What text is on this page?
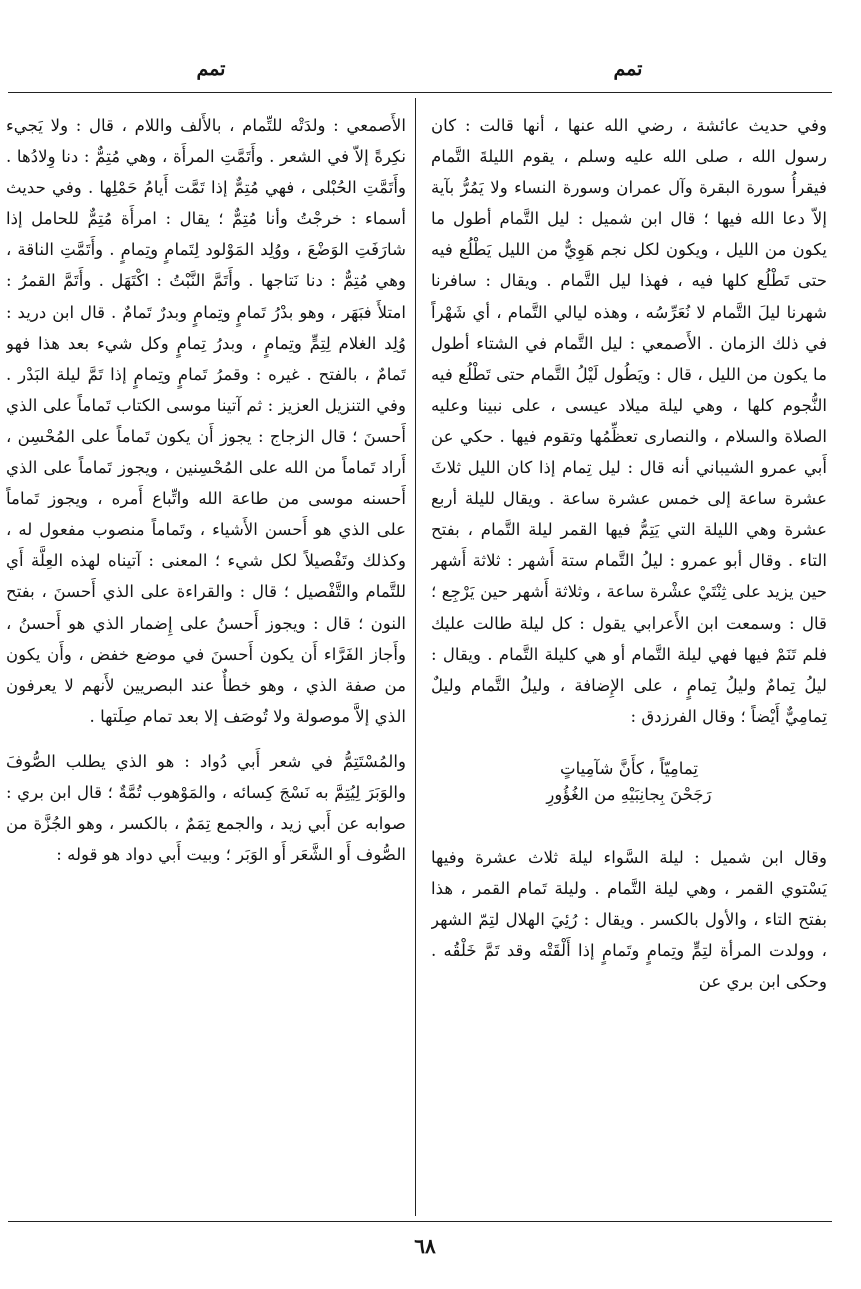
تمم
تمم

وفي حديث عائشة ، رضي الله عنها ، أنها قالت : كان رسول الله ، صلى الله عليه وسلم ، يقوم الليلةَ التَّمام فيقرأُ سورة البقرة وآل عمران وسورة النساء ولا يَمُرُّ بآية إلاّ دعا الله فيها ؛ قال ابن شميل : ليل التَّمام أطول ما يكون من الليل ، ويكون لكل نجم هَوِيٌّ من الليل يَطْلُع فيه حتى تَطْلُع كلها فيه ، فهذا ليل التَّمام . ويقال : سافرنا شهرنا ليلَ التَّمام لا نُعَرِّسُه ، وهذه ليالي التَّمام ، أي شَهْراً في ذلك الزمان . الأَصمعي : ليل التَّمام في الشتاء أطول ما يكون من الليل ، قال : ويَطُول لَيْلُ التَّمام حتى تَطْلُع فيه النُّجوم كلها ، وهي ليلة ميلاد عيسى ، على نبينا وعليه الصلاة والسلام ، والنصارى تعظِّمُها وتقوم فيها . حكي عن أَبي عمرو الشيباني أنه قال : ليل تِمام إذا كان الليل ثلاثَ عشرة ساعة إلى خمس عشرة ساعة . ويقال لليلة أربع عشرة وهي الليلة التي يَتِمُّ فيها القمر ليلة التَّمام ، بفتح التاء . وقال أبو عمرو : ليلُ التَّمام ستة أَشهر : ثلاثة أَشهر حين يزيد على ثِنْتَيْ عشْرة ساعة ، وثلاثة أَشهر حين يَرْجِع ؛ قال : وسمعت ابن الأَعرابي يقول : كل ليلة طالت عليك فلم تَنَمْ فيها فهي ليلة التَّمام أو هي كليلة التَّمام . ويقال : ليلُ تِمامٌ وليلُ تِمامٍ ، على الإِضافة ، وليلُ التَّمام وليلٌ تِمامِيٌّ أَيْضاً ؛ وقال الفرزدق :

تِمامِيّاً ، كأَنَّ شآمِياتٍ
رَجَحْنَ بِجانِبَيْهِ من الغُؤُورِ

وقال ابن شميل : ليلة السَّواء ليلة ثلاث عشرة وفيها يَسْتوي القمر ، وهي ليلة التَّمام . وليلة تَمام القمر ، هذا بفتح التاء ، والأول بالكسر . ويقال : رُئِيَ الهلال لتِمّ الشهر ، وولدت المرأة لتِمٍّ وتِمامٍ وتَمامٍ إذا أَلْقَتْه وقد تَمَّ خَلْقُه . وحكى ابن بري عن

الأَصمعي : ولدَتْه للتِّمام ، بالأَلف واللام ، قال : ولا يَجيء نكِرةً إلاّ في الشعر . وأَتَمَّتِ المرأَة ، وهي مُتِمٌّ : دنا وِلادُها . وأَتَمَّتِ الحُبْلى ، فهي مُتِمٌّ إذا تَمَّت أَيامُ حَمْلِها . وفي حديث أسماء : خرجْتُ وأنا مُتِمٌّ ؛ يقال : امرأَة مُتِمٌّ للحامل إذا شارَفَتِ الوَضْعَ ، ووُلِد المَوْلود لِتَمامٍ وتِمامٍ . وأَتَمَّتِ الناقة ، وهي مُتِمٌّ : دنا نَتاجها . وأَتَمَّ النَّبْتُ : اكْتَهَل . وأَتَمَّ القمرُ : امتلأَ فبَهَر ، وهو بدْرُ تَمامٍ وتِمامٍ وبدرٌ تَمامٌ . قال ابن دريد : وُلِد الغلام لِتِمٍّ وتِمامٍ ، وبدرُ تِمامٍ وكل شيء بعد هذا فهو تَمامٌ ، بالفتح . غيره : وقمرُ تَمامٍ وتِمامٍ إذا تَمَّ ليلة البَدْر . وفي التنزيل العزيز : ثم آتينا موسى الكتاب تَماماً على الذي أَحسنَ ؛ قال الزجاج : يجوز أَن يكون تَماماً على المُحْسِن ، أَراد تَماماً من الله على المُحْسِنين ، ويجوز تَماماً على الذي أَحسنه موسى من طاعة الله واتِّباع أَمره ، ويجوز تَماماً على الذي هو أَحسن الأَشياء ، وتَماماً منصوب مفعول له ، وكذلك وتَفْصيلاً لكل شيء ؛ المعنى : آتيناه لهذه العِلَّة أَي للتَّمام والتَّفْصيل ؛ قال : والقراءة على الذي أَحسنَ ، بفتح النون ؛ قال : ويجوز أَحسنُ على إِضمار الذي هو أَحسنُ ، وأَجاز الفَرَّاء أَن يكون أَحسنَ في موضع خفض ، وأَن يكون من صفة الذي ، وهو خطأٌ عند البصريين لأَنهم لا يعرفون الذي إلاَّ موصولة ولا تُوصَف إلا بعد تمام صِلَتها .

والمُسْتَتِمُّ في شعر أَبي دُواد : هو الذي يطلب الصُّوفَ والوَبَرَ لِيُتِمَّ به نَسْجَ كِسائه ، والمَوْهوب تُمَّةٌ ؛ قال ابن بري : صوابه عن أَبي زيد ، والجمع تِمَمٌ ، بالكسر ، وهو الجُزَّة من الصُّوف أَو الشَّعَر أَو الوَبَر ؛ وبيت أَبي دواد هو قوله :

٦٨
